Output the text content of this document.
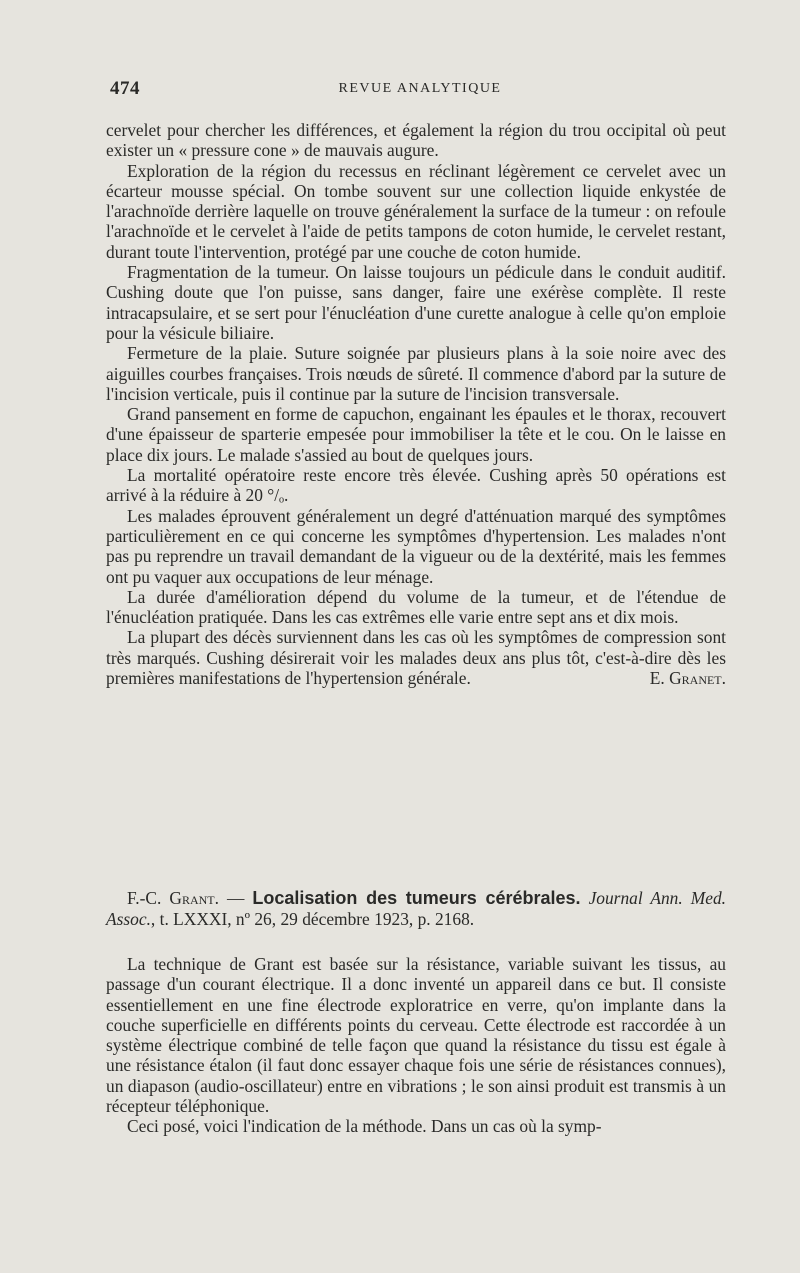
474	REVUE ANALYTIQUE

cervelet pour chercher les différences, et également la région du trou occipital où peut exister un « pressure cone » de mauvais augure.

Exploration de la région du recessus en réclinant légèrement ce cervelet avec un écarteur mousse spécial. On tombe souvent sur une collection liquide enkystée de l'arachnoïde derrière laquelle on trouve généralement la surface de la tumeur : on refoule l'arachnoïde et le cervelet à l'aide de petits tampons de coton humide, le cervelet restant, durant toute l'intervention, protégé par une couche de coton humide.

Fragmentation de la tumeur. On laisse toujours un pédicule dans le conduit auditif. Cushing doute que l'on puisse, sans danger, faire une exérèse complète. Il reste intracapsulaire, et se sert pour l'énucléation d'une curette analogue à celle qu'on emploie pour la vésicule biliaire.

Fermeture de la plaie. Suture soignée par plusieurs plans à la soie noire avec des aiguilles courbes françaises. Trois nœuds de sûreté. Il commence d'abord par la suture de l'incision verticale, puis il continue par la suture de l'incision transversale.

Grand pansement en forme de capuchon, engainant les épaules et le thorax, recouvert d'une épaisseur de sparterie empesée pour immobiliser la tête et le cou. On le laisse en place dix jours. Le malade s'assied au bout de quelques jours.

La mortalité opératoire reste encore très élevée. Cushing après 50 opérations est arrivé à la réduire à 20 °/ₒ.

Les malades éprouvent généralement un degré d'atténuation marqué des symptômes particulièrement en ce qui concerne les symptômes d'hypertension. Les malades n'ont pas pu reprendre un travail demandant de la vigueur ou de la dextérité, mais les femmes ont pu vaquer aux occupations de leur ménage.

La durée d'amélioration dépend du volume de la tumeur, et de l'étendue de l'énucléation pratiquée. Dans les cas extrêmes elle varie entre sept ans et dix mois.

La plupart des décès surviennent dans les cas où les symptômes de compression sont très marqués. Cushing désirerait voir les malades deux ans plus tôt, c'est-à-dire dès les premières manifestations de l'hypertension générale.	E. Granet.

F.-C. Grant. — Localisation des tumeurs cérébrales. Journal Ann. Med. Assoc., t. LXXXI, nº 26, 29 décembre 1923, p. 2168.

La technique de Grant est basée sur la résistance, variable suivant les tissus, au passage d'un courant électrique. Il a donc inventé un appareil dans ce but. Il consiste essentiellement en une fine électrode exploratrice en verre, qu'on implante dans la couche superficielle en différents points du cerveau. Cette électrode est raccordée à un système électrique combiné de telle façon que quand la résistance du tissu est égale à une résistance étalon (il faut donc essayer chaque fois une série de résistances connues), un diapason (audio-oscillateur) entre en vibrations ; le son ainsi produit est transmis à un récepteur téléphonique.

Ceci posé, voici l'indication de la méthode. Dans un cas où la symp-
